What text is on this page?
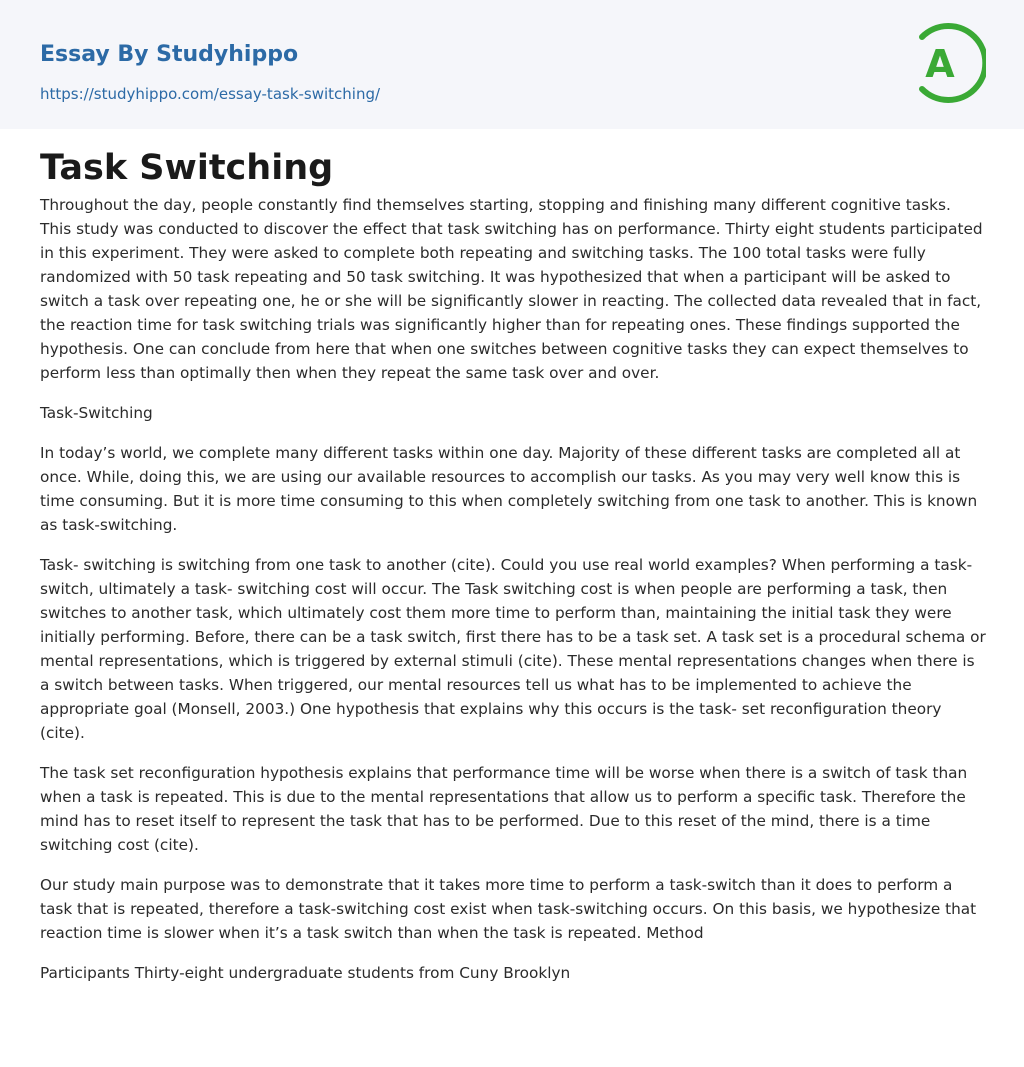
Essay By Studyhippo
https://studyhippo.com/essay-task-switching/
A
Task Switching

Throughout the day, people constantly find themselves starting, stopping and finishing many different cognitive tasks. This study was conducted to discover the effect that task switching has on performance. Thirty eight students participated in this experiment. They were asked to complete both repeating and switching tasks. The 100 total tasks were fully randomized with 50 task repeating and 50 task switching. It was hypothesized that when a participant will be asked to switch a task over repeating one, he or she will be significantly slower in reacting. The collected data revealed that in fact, the reaction time for task switching trials was significantly higher than for repeating ones. These findings supported the hypothesis. One can conclude from here that when one switches between cognitive tasks they can expect themselves to perform less than optimally then when they repeat the same task over and over.

Task-Switching

In today’s world, we complete many different tasks within one day. Majority of these different tasks are completed all at once. While, doing this, we are using our available resources to accomplish our tasks. As you may very well know this is time consuming. But it is more time consuming to this when completely switching from one task to another. This is known as task-switching.

Task- switching is switching from one task to another (cite). Could you use real world examples? When performing a task- switch, ultimately a task- switching cost will occur. The Task switching cost is when people are performing a task, then switches to another task, which ultimately cost them more time to perform than, maintaining the initial task they were initially performing. Before, there can be a task switch, first there has to be a task set. A task set is a procedural schema or mental representations, which is triggered by external stimuli (cite). These mental representations changes when there is a switch between tasks. When triggered, our mental resources tell us what has to be implemented to achieve the appropriate goal (Monsell, 2003.) One hypothesis that explains why this occurs is the task- set reconfiguration theory (cite).

The task set reconfiguration hypothesis explains that performance time will be worse when there is a switch of task than when a task is repeated. This is due to the mental representations that allow us to perform a specific task. Therefore the mind has to reset itself to represent the task that has to be performed. Due to this reset of the mind, there is a time switching cost (cite).

Our study main purpose was to demonstrate that it takes more time to perform a task-switch than it does to perform a task that is repeated, therefore a task-switching cost exist when task-switching occurs. On this basis, we hypothesize that reaction time is slower when it’s a task switch than when the task is repeated. Method

Participants Thirty-eight undergraduate students from Cuny Brooklyn
